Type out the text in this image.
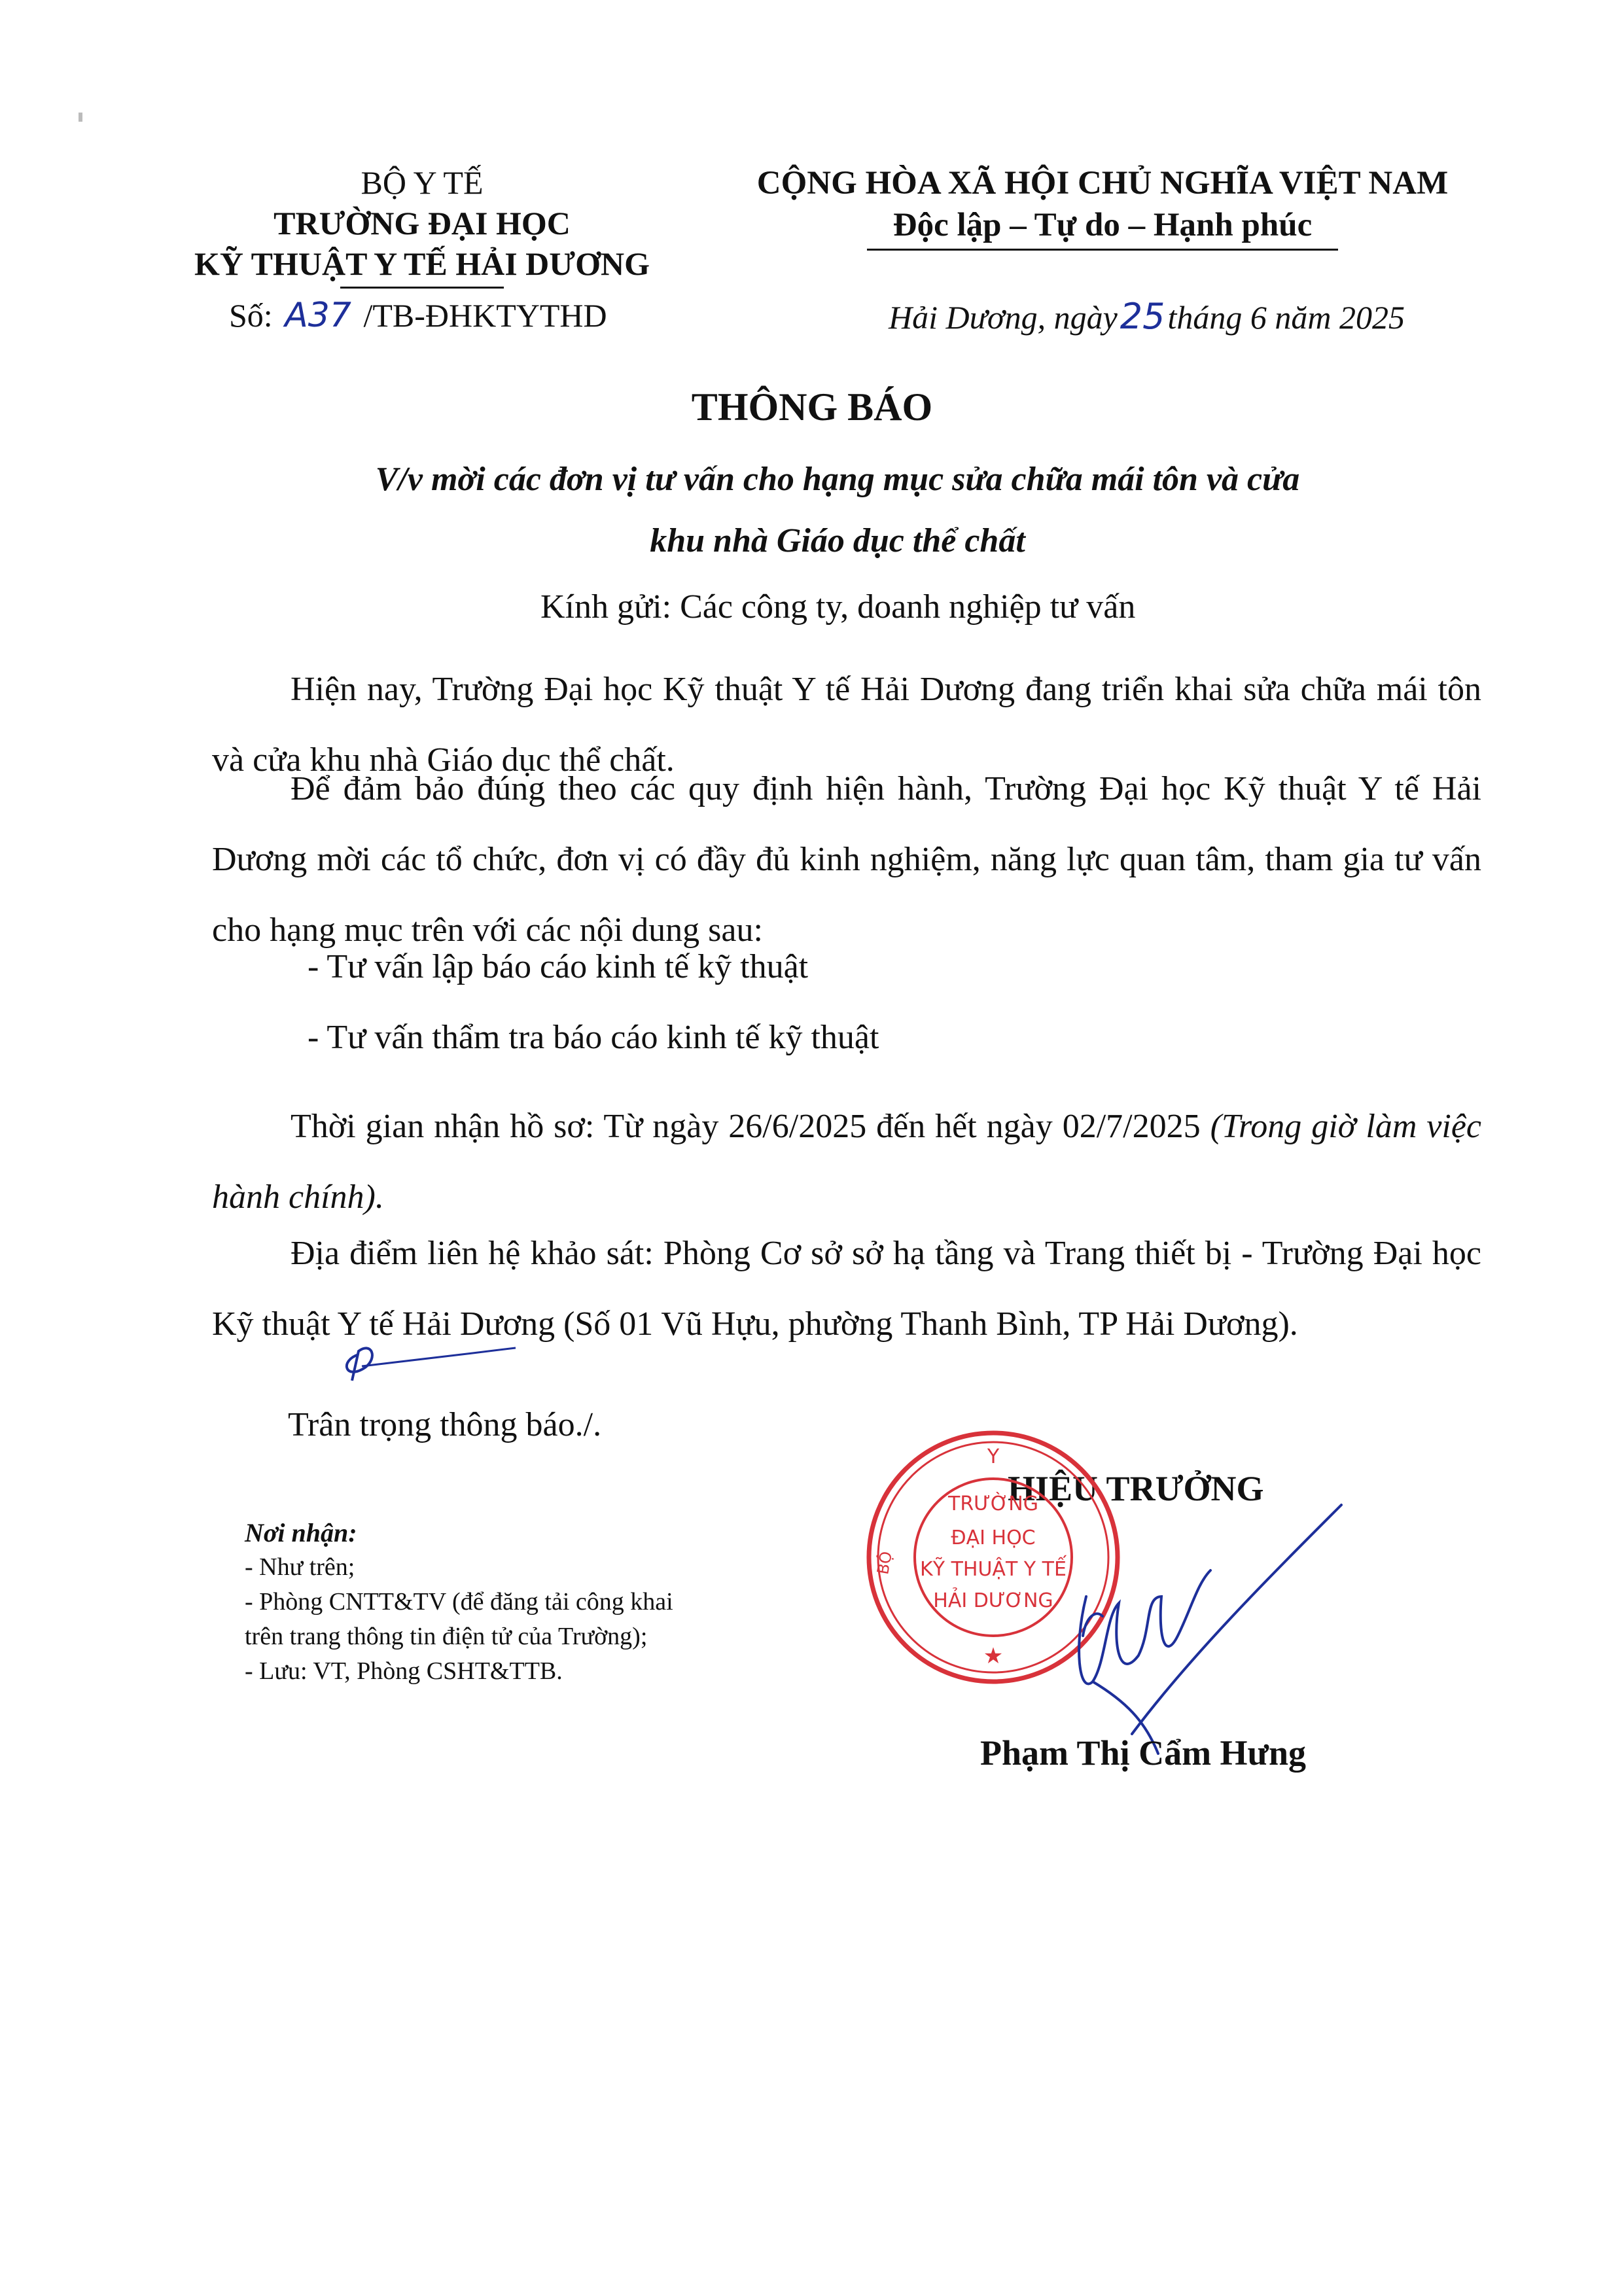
BỘ Y TẾ
TRƯỜNG ĐẠI HỌC
KỸ THUẬT Y TẾ HẢI DƯƠNG
CỘNG HÒA XÃ HỘI CHỦ NGHĨA VIỆT NAM
Độc lập – Tự do – Hạnh phúc
Số: A37 /TB-ĐHKTYTHD	Hải Dương, ngày25tháng 6 năm 2025
THÔNG BÁO
V/v mời các đơn vị tư vấn cho hạng mục sửa chữa mái tôn và cửa
khu nhà Giáo dục thể chất
Kính gửi: Các công ty, doanh nghiệp tư vấn
Hiện nay, Trường Đại học Kỹ thuật Y tế Hải Dương đang triển khai sửa chữa mái tôn và cửa khu nhà Giáo dục thể chất.
Để đảm bảo đúng theo các quy định hiện hành, Trường Đại học Kỹ thuật Y tế Hải Dương mời các tổ chức, đơn vị có đầy đủ kinh nghiệm, năng lực quan tâm, tham gia tư vấn cho hạng mục trên với các nội dung sau:
- Tư vấn lập báo cáo kinh tế kỹ thuật
- Tư vấn thẩm tra báo cáo kinh tế kỹ thuật
Thời gian nhận hồ sơ: Từ ngày 26/6/2025 đến hết ngày 02/7/2025 (Trong giờ làm việc hành chính).
Địa điểm liên hệ khảo sát: Phòng Cơ sở sở hạ tầng và Trang thiết bị - Trường Đại học Kỹ thuật Y tế Hải Dương (Số 01 Vũ Hựu, phường Thanh Bình, TP Hải Dương).
Trân trọng thông báo./.
Nơi nhận:
- Như trên;
- Phòng CNTT&TV (để đăng tải công khai
trên trang thông tin điện tử của Trường);
- Lưu: VT, Phòng CSHT&TTB.
HIỆU TRƯỞNG
Y
BỘ
TRƯỜNG
ĐẠI HỌC
KỸ THUẬT Y TẾ
HẢI DƯƠNG
★
Phạm Thị Cẩm Hưng
